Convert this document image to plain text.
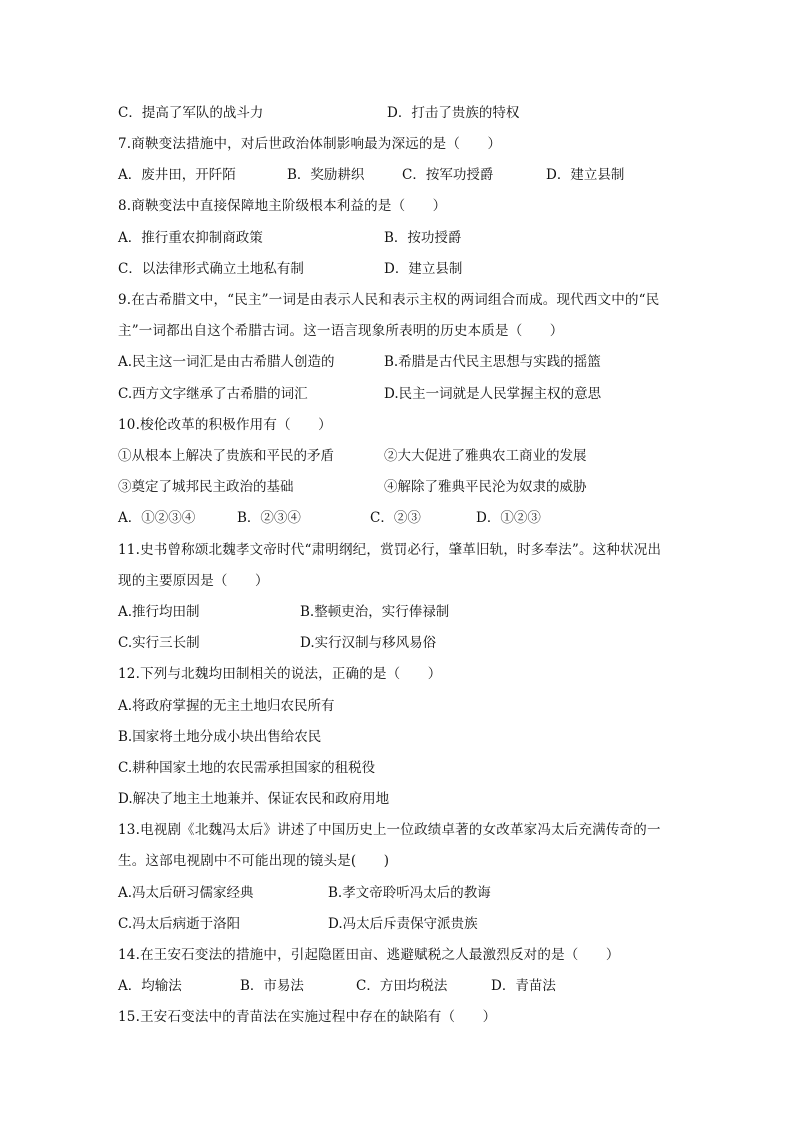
C．提高了军队的战斗力	D．打击了贵族的特权
7.商鞅变法措施中，对后世政治体制影响最为深远的是（　　）
A．废井田，开阡陌	B．奖励耕织	C．按军功授爵	D．建立县制
8.商鞅变法中直接保障地主阶级根本利益的是（　　）
A．推行重农抑制商政策	B．按功授爵
C．以法律形式确立土地私有制	D．建立县制
9.在古希腊文中，“民主”一词是由表示人民和表示主权的两词组合而成。现代西文中的“民
主”一词都出自这个希腊古词。这一语言现象所表明的历史本质是（　　）
A.民主这一词汇是由古希腊人创造的	B.希腊是古代民主思想与实践的摇篮
C.西方文字继承了古希腊的词汇	D.民主一词就是人民掌握主权的意思
10.梭伦改革的积极作用有（　　）
①从根本上解决了贵族和平民的矛盾	②大大促进了雅典农工商业的发展
③奠定了城邦民主政治的基础	④解除了雅典平民沦为奴隶的威胁
A．①②③④	B．②③④	C．②③	D．①②③
11.史书曾称颂北魏孝文帝时代“肃明纲纪，赏罚必行，肇革旧轨，时多奉法”。这种状况出
现的主要原因是（　　）
A.推行均田制	B.整顿吏治，实行俸禄制
C.实行三长制	D.实行汉制与移风易俗
12.下列与北魏均田制相关的说法，正确的是（　　）
A.将政府掌握的无主土地归农民所有
B.国家将土地分成小块出售给农民
C.耕种国家土地的农民需承担国家的租税役
D.解决了地主土地兼并、保证农民和政府用地
13.电视剧《北魏冯太后》讲述了中国历史上一位政绩卓著的女改革家冯太后充满传奇的一
生。这部电视剧中不可能出现的镜头是(　　)
A.冯太后研习儒家经典	B.孝文帝聆听冯太后的教诲
C.冯太后病逝于洛阳	D.冯太后斥责保守派贵族
14.在王安石变法的措施中，引起隐匿田亩、逃避赋税之人最激烈反对的是（　　）
A．均输法	B．市易法	C．方田均税法	D．青苗法
15.王安石变法中的青苗法在实施过程中存在的缺陷有（　　）
